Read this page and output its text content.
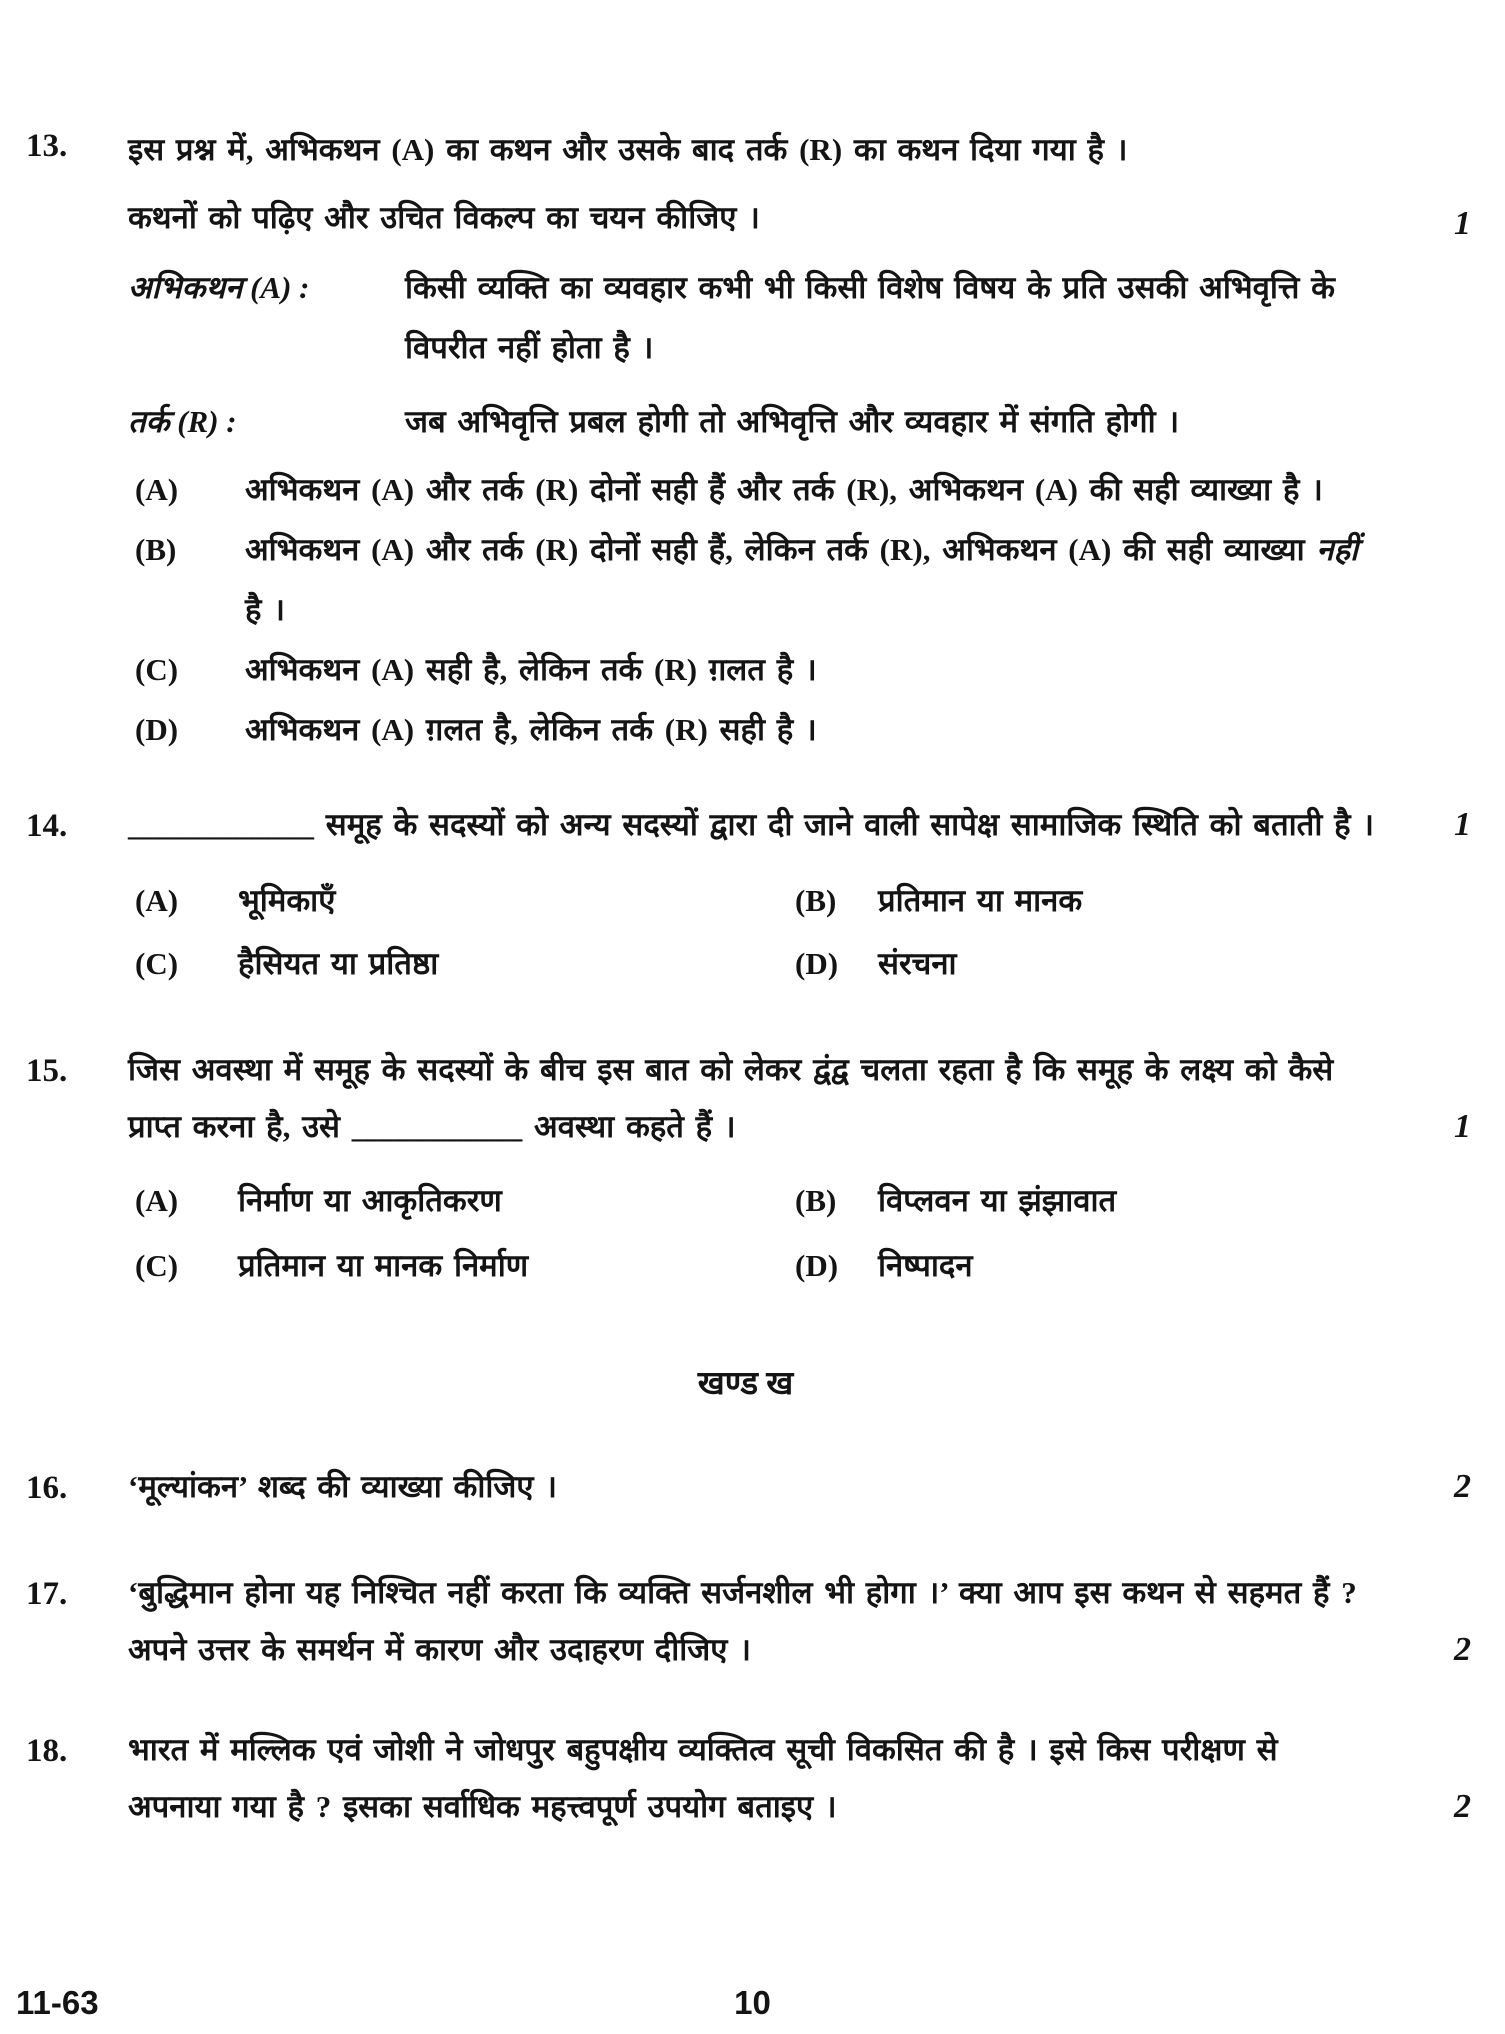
13.	इस प्रश्न में, अभिकथन (A) का कथन और उसके बाद तर्क (R) का कथन दिया गया है ।
कथनों को पढ़िए और उचित विकल्प का चयन कीजिए ।	1
अभिकथन (A) :	किसी व्यक्ति का व्यवहार कभी भी किसी विशेष विषय के प्रति उसकी अभिवृत्ति के विपरीत नहीं होता है ।
तर्क (R) :	जब अभिवृत्ति प्रबल होगी तो अभिवृत्ति और व्यवहार में संगति होगी ।
(A)	अभिकथन (A) और तर्क (R) दोनों सही हैं और तर्क (R), अभिकथन (A) की सही व्याख्या है ।
(B)	अभिकथन (A) और तर्क (R) दोनों सही हैं, लेकिन तर्क (R), अभिकथन (A) की सही व्याख्या नहीं है ।
(C)	अभिकथन (A) सही है, लेकिन तर्क (R) ग़लत है ।
(D)	अभिकथन (A) ग़लत है, लेकिन तर्क (R) सही है ।
14.	____________ समूह के सदस्यों को अन्य सदस्यों द्वारा दी जाने वाली सापेक्ष सामाजिक स्थिति को बताती है ।	1
(A)	भूमिकाएँ	(B)	प्रतिमान या मानक
(C)	हैसियत या प्रतिष्ठा	(D)	संरचना
15.	जिस अवस्था में समूह के सदस्यों के बीच इस बात को लेकर द्वंद्व चलता रहता है कि समूह के लक्ष्य को कैसे प्राप्त करना है, उसे ___________ अवस्था कहते हैं ।	1
(A)	निर्माण या आकृतिकरण	(B)	विप्लवन या झंझावात
(C)	प्रतिमान या मानक निर्माण	(D)	निष्पादन
खण्ड ख
16.	‘मूल्यांकन’ शब्द की व्याख्या कीजिए ।	2
17.	‘बुद्धिमान होना यह निश्चित नहीं करता कि व्यक्ति सर्जनशील भी होगा ।’ क्या आप इस कथन से सहमत हैं ? अपने उत्तर के समर्थन में कारण और उदाहरण दीजिए ।	2
18.	भारत में मल्लिक एवं जोशी ने जोधपुर बहुपक्षीय व्यक्तित्व सूची विकसित की है । इसे किस परीक्षण से अपनाया गया है ? इसका सर्वाधिक महत्त्वपूर्ण उपयोग बताइए ।	2
11-63	10
